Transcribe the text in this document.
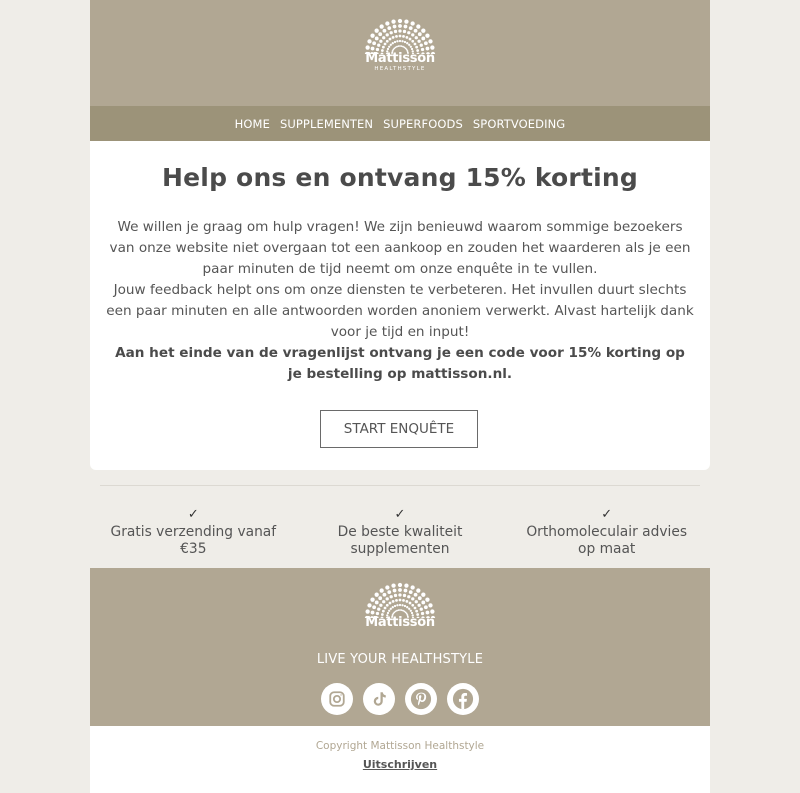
Mattisson
HEALTHSTYLE
HOME SUPPLEMENTEN SUPERFOODS SPORTVOEDING
Help ons en ontvang 15% korting

We willen je graag om hulp vragen! We zijn benieuwd waarom sommige bezoekers van onze website niet overgaan tot een aankoop en zouden het waarderen als je een paar minuten de tijd neemt om onze enquête in te vullen.

Jouw feedback helpt ons om onze diensten te verbeteren. Het invullen duurt slechts een paar minuten en alle antwoorden worden anoniem verwerkt. Alvast hartelijk dank voor je tijd en input!

Aan het einde van de vragenlijst ontvang je een code voor 15% korting op je bestelling op mattisson.nl.

START ENQUÊTE
✓
Gratis verzending vanaf €35
✓
De beste kwaliteit supplementen
✓
Orthomoleculair advies op maat
Mattisson
LIVE YOUR HEALTHSTYLE
Copyright Mattisson Healthstyle
Uitschrijven
